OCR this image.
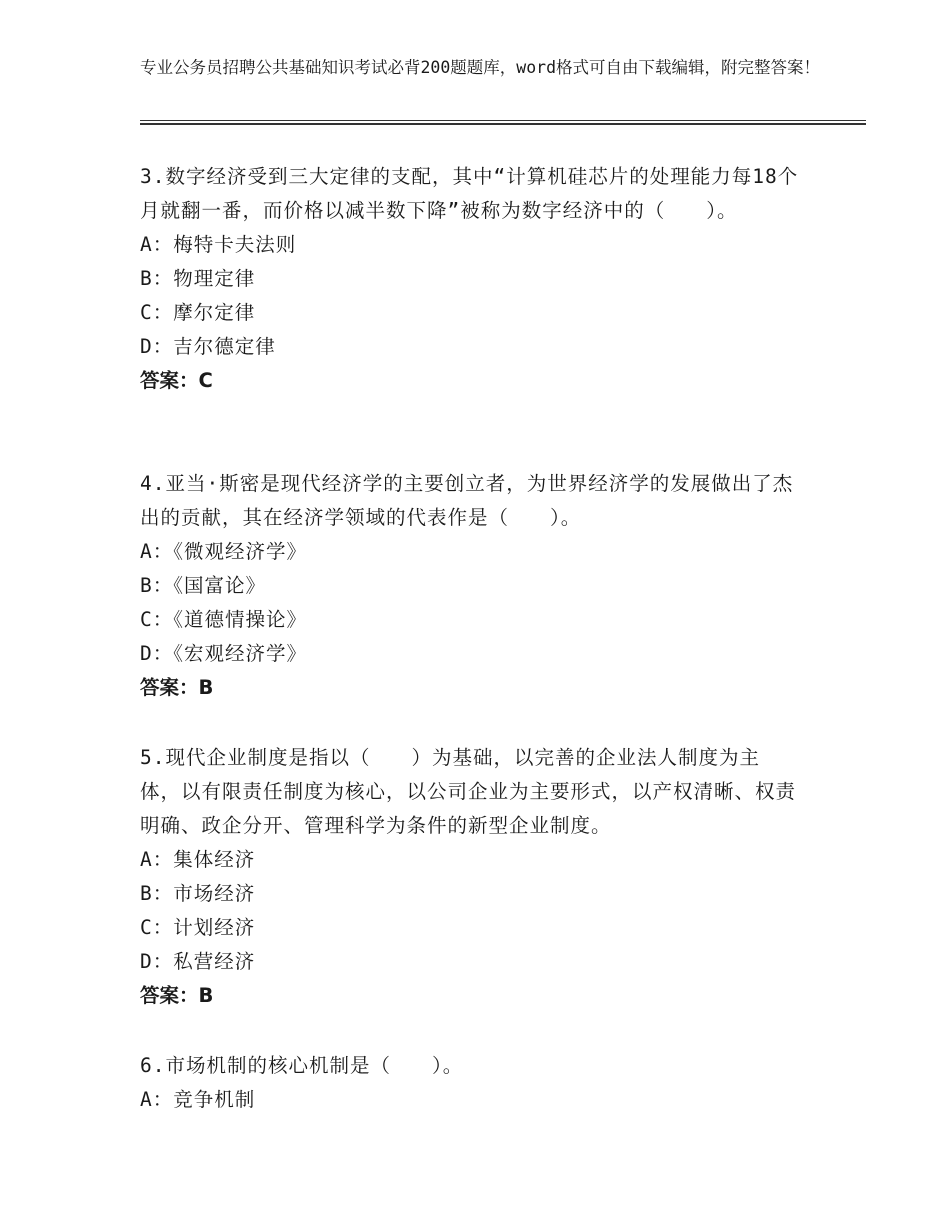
专业公务员招聘公共基础知识考试必背200题题库，word格式可自由下载编辑，附完整答案！

3.数字经济受到三大定律的支配，其中“计算机硅芯片的处理能力每18个月就翻一番，而价格以减半数下降”被称为数字经济中的（　　）。

A：梅特卡夫法则

B：物理定律

C：摩尔定律

D：吉尔德定律

答案：C

4.亚当·斯密是现代经济学的主要创立者，为世界经济学的发展做出了杰出的贡献，其在经济学领域的代表作是（　　）。

A：《微观经济学》

B：《国富论》

C：《道德情操论》

D：《宏观经济学》

答案：B

5.现代企业制度是指以（　　）为基础，以完善的企业法人制度为主体，以有限责任制度为核心，以公司企业为主要形式，以产权清晰、权责明确、政企分开、管理科学为条件的新型企业制度。

A：集体经济

B：市场经济

C：计划经济

D：私营经济

答案：B

6.市场机制的核心机制是（　　）。

A：竞争机制
